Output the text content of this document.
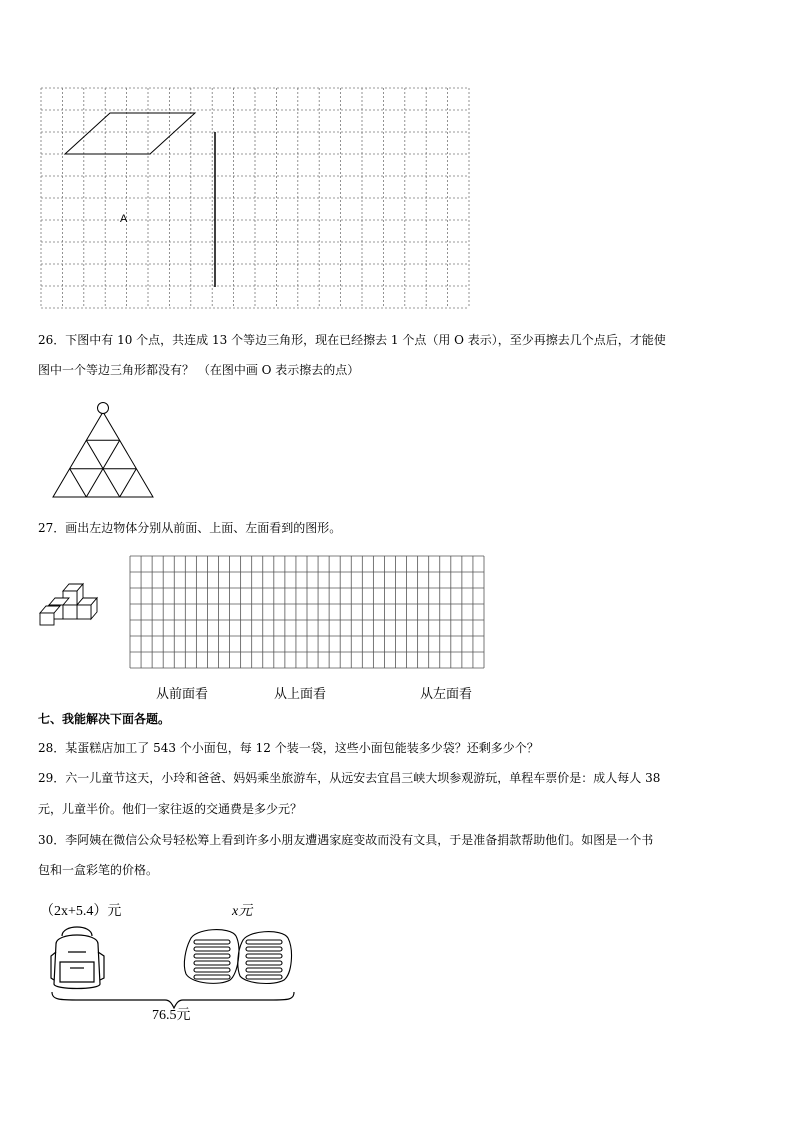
A
26．下图中有 10 个点，共连成 13 个等边三角形，现在已经擦去 1 个点（用 O 表示），至少再擦去几个点后，才能使
图中一个等边三角形都没有？ （在图中画 O 表示擦去的点）
27．画出左边物体分别从前面、上面、左面看到的图形。
从前面看	从上面看	从左面看
七、我能解决下面各题。
28．某蛋糕店加工了 543 个小面包，每 12 个装一袋，这些小面包能装多少袋？还剩多少个？
29．六一儿童节这天，小玲和爸爸、妈妈乘坐旅游车，从远安去宜昌三峡大坝参观游玩，单程车票价是：成人每人 38
元，儿童半价。他们一家往返的交通费是多少元？
30．李阿姨在微信公众号轻松筹上看到许多小朋友遭遇家庭变故而没有文具，于是准备捐款帮助他们。如图是一个书
包和一盒彩笔的价格。
（2x+5.4）元	x元
76.5元
